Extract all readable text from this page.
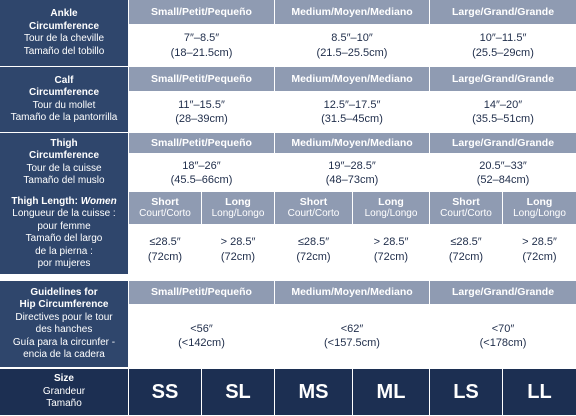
Ankle
Circumference
Tour de la cheville
Tamaño del tobillo
Small/Petit/Pequeño
7″–8.5″
(18–21.5cm)
Medium/Moyen/Mediano
8.5″–10″
(21.5–25.5cm)
Large/Grand/Grande
10″–11.5″
(25.5–29cm)
Calf
Circumference
Tour du mollet
Tamaño de la pantorrilla
Small/Petit/Pequeño
11″–15.5″
(28–39cm)
Medium/Moyen/Mediano
12.5″–17.5″
(31.5–45cm)
Large/Grand/Grande
14″–20″
(35.5–51cm)
Thigh
Circumference
Tour de la cuisse
Tamaño del muslo
Small/Petit/Pequeño
18″–26″
(45.5–66cm)
Medium/Moyen/Mediano
19″–28.5″
(48–73cm)
Large/Grand/Grande
20.5″–33″
(52–84cm)
Guidelines for
Hip Circumference
Directives pour le tour
des hanches
Guía para la circunfer -
encia de la cadera
Small/Petit/Pequeño
<56″
(<142cm)
Medium/Moyen/Mediano
<62″
(<157.5cm)
Large/Grand/Grande
<70″
(<178cm)
Thigh Length: Women
Longueur de la cuisse :
pour femme
Tamaño del largo
de la pierna :
por mujeres
Short
Court/Corto
≤28.5″
(72cm)
Long
Long/Longo
> 28.5″
(72cm)
Short
Court/Corto
≤28.5″
(72cm)
Long
Long/Longo
> 28.5″
(72cm)
Short
Court/Corto
≤28.5″
(72cm)
Long
Long/Longo
> 28.5″
(72cm)
Size
Grandeur
Tamaño
SS SL MS ML LS LL
